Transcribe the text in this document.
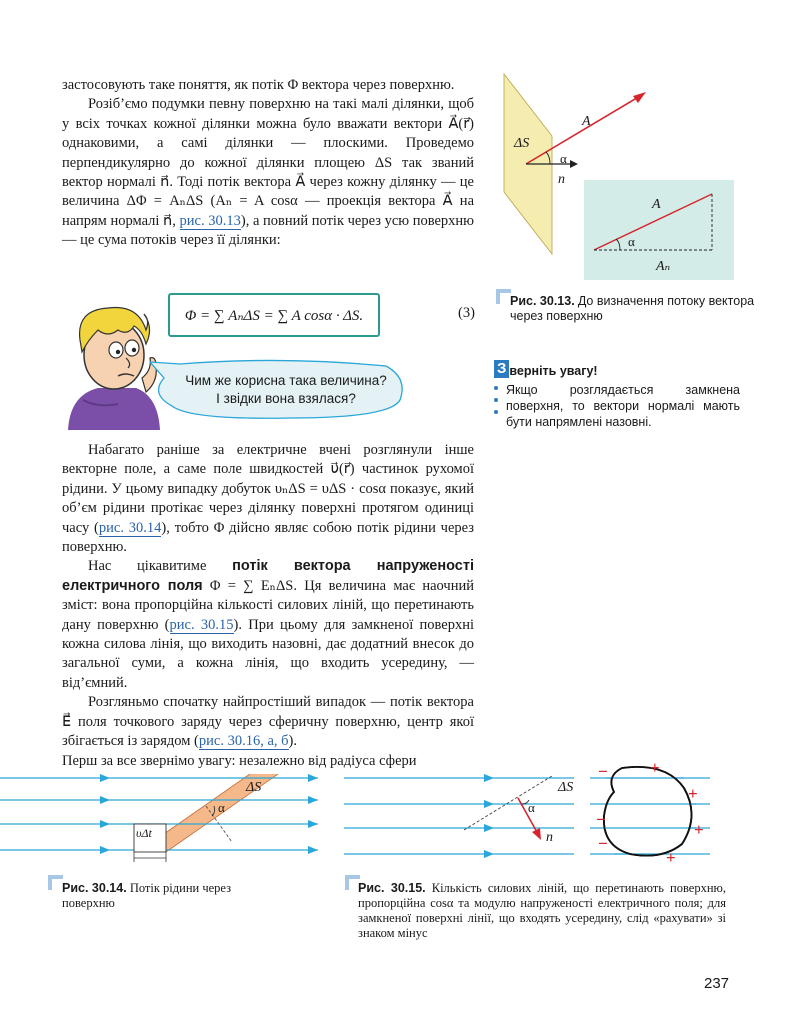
застосовують таке поняття, як потік Φ вектора через поверхню.

Розіб’ємо подумки певну поверхню на такі малі ділянки, щоб у всіх точках кожної ділянки можна було вважати вектори A⃗(r⃗) однаковими, а самі ділянки — плоскими. Проведемо перпендикулярно до кожної ділянки площею ΔS так званий вектор нормалі n⃗. Тоді потік вектора A⃗ через кожну ділянку — це величина ΔΦ = AₙΔS (Aₙ = A cosα — проекція вектора A⃗ на напрям нормалі n⃗, рис. 30.13), а повний потік через усю поверхню — це сума потоків через її ділянки:

Φ = ∑ AₙΔS = ∑ A cosα · ΔS.	(3)
Чим же корисна така величина?
І звідки вона взялася?

Набагато раніше за електричне вчені розглянули інше векторне поле, а саме поле швидкостей υ⃗(r⃗) частинок рухомої рідини. У цьому випадку добуток υₙΔS = υΔS · cosα показує, який об’єм рідини протікає через ділянку поверхні протягом одиниці часу (рис. 30.14), тобто Φ дійсно являє собою потік рідини через поверхню.

Нас цікавитиме потік вектора напруженості електричного поля Φ = ∑ EₙΔS. Ця величина має наочний зміст: вона пропорційна кількості силових ліній, що перетинають дану поверхню (рис. 30.15). При цьому для замкненої поверхні кожна силова лінія, що виходить назовні, дає додатний внесок до загальної суми, а кожна лінія, що входить усередину, — від’ємний.

Розгляньмо спочатку найпростіший випадок — потік вектора E⃗ поля точкового заряду через сферичну поверхню, центр якої збігається із зарядом (рис. 30.16, а, б).

Перш за все звернімо увагу: незалежно від радіуса сфери

ΔS
A
α
n
A
α
Aₙ
Рис. 30.13. До визначення потоку вектора через поверхню
З верніть увагу!
Якщо розглядається замкнена поверхня, то вектори нормалі мають бути напрямлені назовні.
ΔS
α
υΔt
Рис. 30.14. Потік рідини через поверхню
ΔS
α
n
−
−
−
+
+
+
+
Рис. 30.15. Кількість силових ліній, що перетинають поверхню, пропорційна cosα та модулю напруженості електричного поля; для замкненої поверхні лінії, що входять усередину, слід «рахувати» зі знаком мінус
237
